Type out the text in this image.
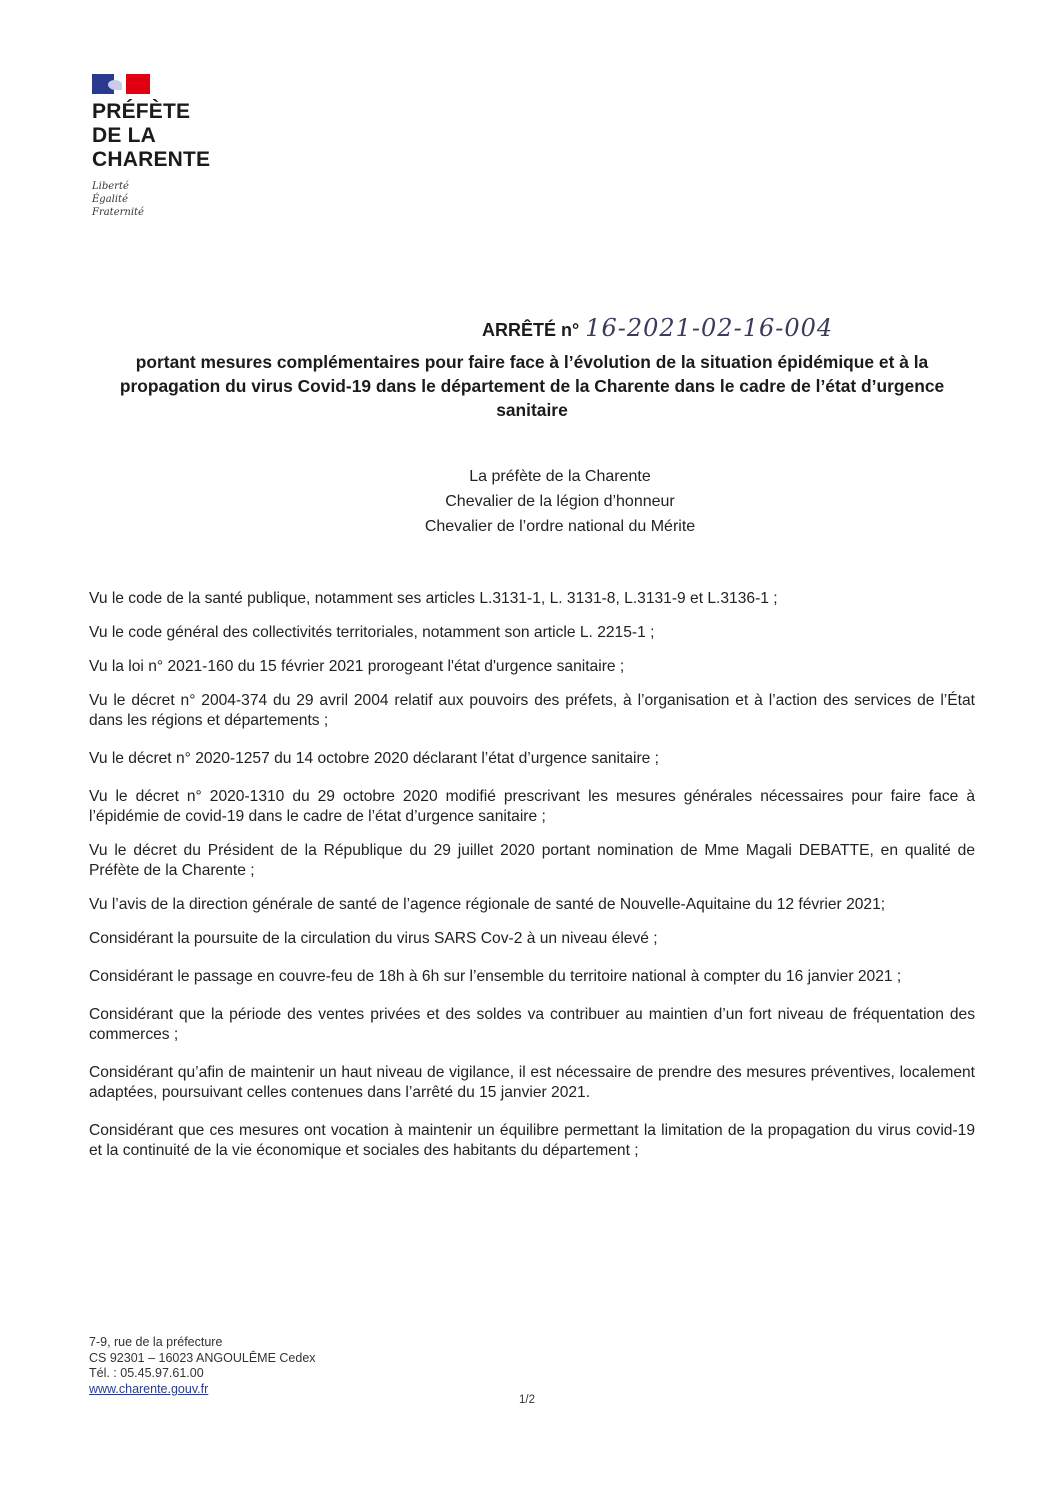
PRÉFÈTE
DE LA
CHARENTE
Liberté
Égalité
Fraternité
ARRÊTÉ n° 16-2021-02-16-004
portant mesures complémentaires pour faire face à l’évolution de la situation épidémique et à la propagation du virus Covid-19 dans le département de la Charente dans le cadre de l’état d’urgence sanitaire
La préfète de la Charente
Chevalier de la légion d’honneur
Chevalier de l’ordre national du Mérite

Vu le code de la santé publique, notamment ses articles L.3131-1, L. 3131-8, L.3131-9 et L.3136-1 ;

Vu le code général des collectivités territoriales, notamment son article L. 2215-1 ;

Vu la loi n° 2021-160 du 15 février 2021 prorogeant l'état d'urgence sanitaire ;

Vu le décret n° 2004-374 du 29 avril 2004 relatif aux pouvoirs des préfets, à l’organisation et à l’action des services de l’État dans les régions et départements ;

Vu le décret n° 2020-1257 du 14 octobre 2020 déclarant l’état d’urgence sanitaire ;

Vu le décret n° 2020-1310 du 29 octobre 2020 modifié prescrivant les mesures générales nécessaires pour faire face à l’épidémie de covid-19 dans le cadre de l’état d’urgence sanitaire ;

Vu le décret du Président de la République du 29 juillet 2020 portant nomination de Mme Magali DEBATTE, en qualité de Préfète de la Charente ;

Vu l’avis de la direction générale de santé de l’agence régionale de santé de Nouvelle-Aquitaine du 12 février 2021;

Considérant la poursuite de la circulation du virus SARS Cov-2 à un niveau élevé ;

Considérant le passage en couvre-feu de 18h à 6h sur l’ensemble du territoire national à compter du 16 janvier 2021 ;

Considérant que la période des ventes privées et des soldes va contribuer au maintien d’un fort niveau de fréquentation des commerces ;

Considérant qu’afin de maintenir un haut niveau de vigilance, il est nécessaire de prendre des mesures préventives, localement adaptées, poursuivant celles contenues dans l’arrêté du 15 janvier 2021.

Considérant que ces mesures ont vocation à maintenir un équilibre permettant la limitation de la propagation du virus covid-19 et la continuité de la vie économique et sociales des habitants du département ;

7-9, rue de la préfecture
CS 92301 – 16023 ANGOULÊME Cedex
Tél. : 05.45.97.61.00
www.charente.gouv.fr
1/2
